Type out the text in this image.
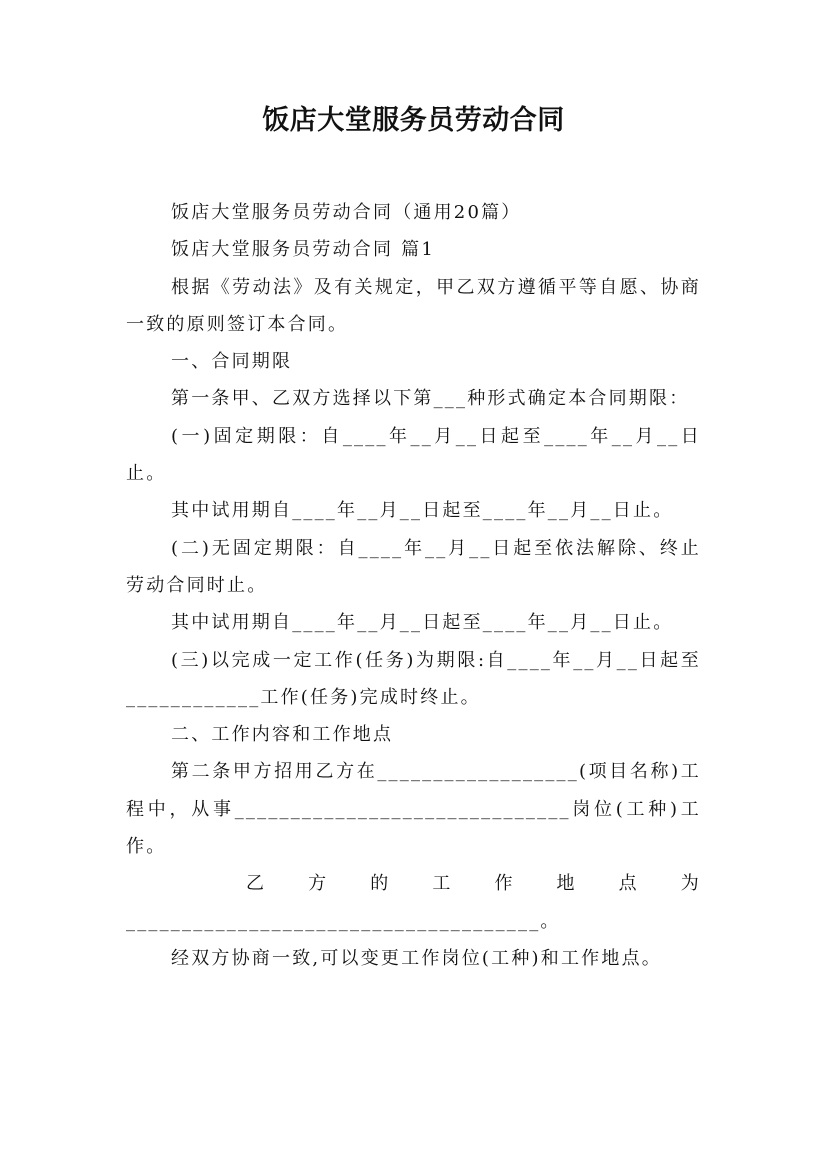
饭店大堂服务员劳动合同

饭店大堂服务员劳动合同（通用20篇）

饭店大堂服务员劳动合同 篇1

根据《劳动法》及有关规定，甲乙双方遵循平等自愿、协商一致的原则签订本合同。

一、合同期限

第一条甲、乙双方选择以下第___种形式确定本合同期限：

(一)固定期限：自____年__月__日起至____年__月__日止。

其中试用期自____年__月__日起至____年__月__日止。

(二)无固定期限：自____年__月__日起至依法解除、终止劳动合同时止。

其中试用期自____年__月__日起至____年__月__日止。

(三)以完成一定工作(任务)为期限:自____年__月__日起至____________工作(任务)完成时终止。

二、工作内容和工作地点

第二条甲方招用乙方在__________________(项目名称)工程中，从事______________________________岗位(工种)工作。

乙 方 的 工 作 地 点 为

_____________________________________。

经双方协商一致,可以变更工作岗位(工种)和工作地点。
